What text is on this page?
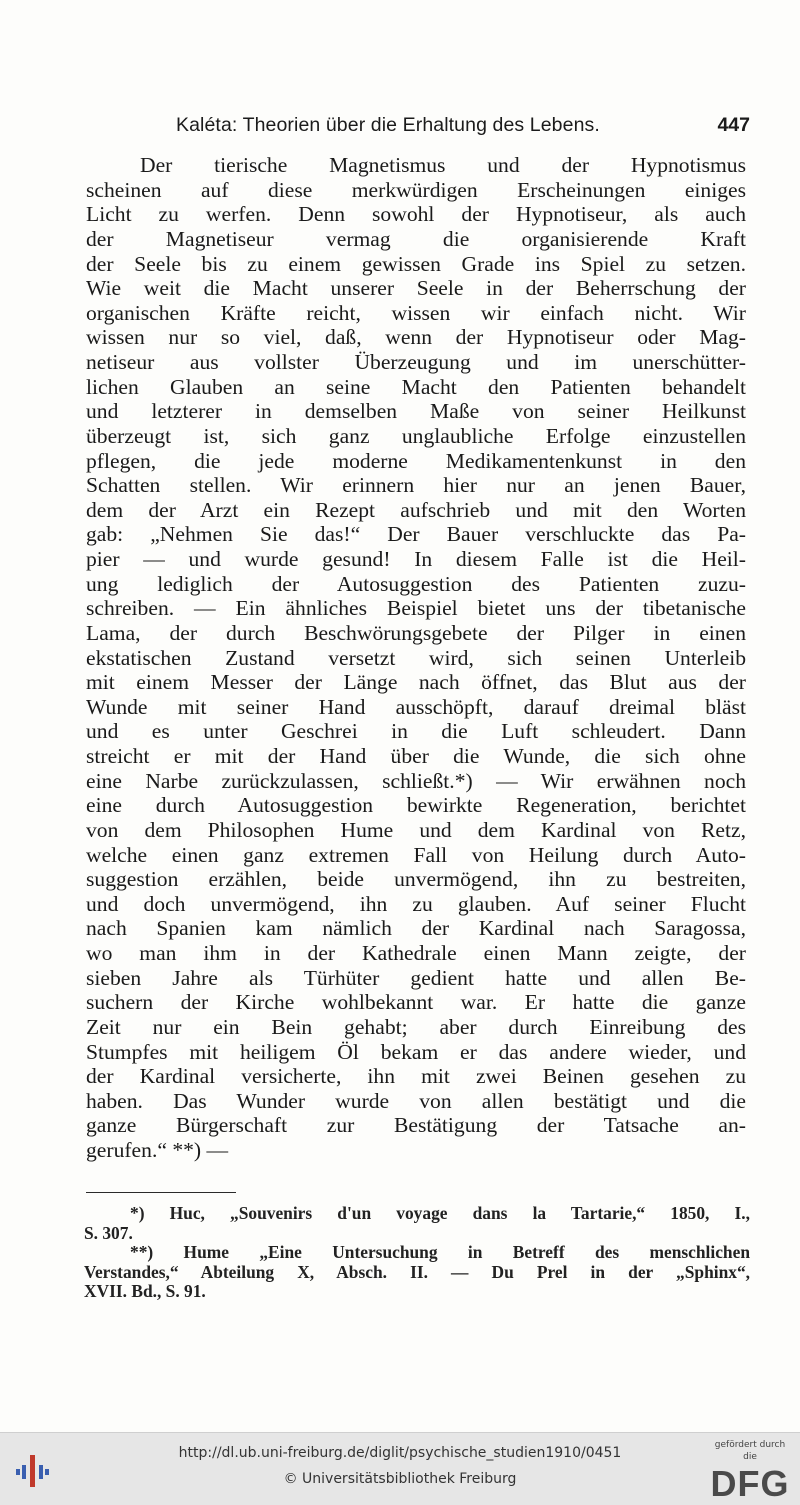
Kaléta: Theorien über die Erhaltung des Lebens.	447
Der tierische Magnetismus und der Hypnotismus
scheinen auf diese merkwürdigen Erscheinungen einiges
Licht zu werfen. Denn sowohl der Hypnotiseur, als auch
der Magnetiseur vermag die organisierende Kraft
der Seele bis zu einem gewissen Grade ins Spiel zu setzen.
Wie weit die Macht unserer Seele in der Beherrschung der
organischen Kräfte reicht, wissen wir einfach nicht. Wir
wissen nur so viel, daß, wenn der Hypnotiseur oder Mag-
netiseur aus vollster Überzeugung und im unerschütter-
lichen Glauben an seine Macht den Patienten behandelt
und letzterer in demselben Maße von seiner Heilkunst
überzeugt ist, sich ganz unglaubliche Erfolge einzustellen
pflegen, die jede moderne Medikamentenkunst in den
Schatten stellen. Wir erinnern hier nur an jenen Bauer,
dem der Arzt ein Rezept aufschrieb und mit den Worten
gab: „Nehmen Sie das!“ Der Bauer verschluckte das Pa-
pier — und wurde gesund! In diesem Falle ist die Heil-
ung lediglich der Autosuggestion des Patienten zuzu-
schreiben. — Ein ähnliches Beispiel bietet uns der tibetanische
Lama, der durch Beschwörungsgebete der Pilger in einen
ekstatischen Zustand versetzt wird, sich seinen Unterleib
mit einem Messer der Länge nach öffnet, das Blut aus der
Wunde mit seiner Hand ausschöpft, darauf dreimal bläst
und es unter Geschrei in die Luft schleudert. Dann
streicht er mit der Hand über die Wunde, die sich ohne
eine Narbe zurückzulassen, schließt.*) — Wir erwähnen noch
eine durch Autosuggestion bewirkte Regeneration, berichtet
von dem Philosophen Hume und dem Kardinal von Retz,
welche einen ganz extremen Fall von Heilung durch Auto-
suggestion erzählen, beide unvermögend, ihn zu bestreiten,
und doch unvermögend, ihn zu glauben. Auf seiner Flucht
nach Spanien kam nämlich der Kardinal nach Saragossa,
wo man ihm in der Kathedrale einen Mann zeigte, der
sieben Jahre als Türhüter gedient hatte und allen Be-
suchern der Kirche wohlbekannt war. Er hatte die ganze
Zeit nur ein Bein gehabt; aber durch Einreibung des
Stumpfes mit heiligem Öl bekam er das andere wieder, und
der Kardinal versicherte, ihn mit zwei Beinen gesehen zu
haben. Das Wunder wurde von allen bestätigt und die
ganze Bürgerschaft zur Bestätigung der Tatsache an-
gerufen.“ **) —
*) Huc, „Souvenirs d'un voyage dans la Tartarie,“ 1850, I.,
S. 307.
**) Hume „Eine Untersuchung in Betreff des menschlichen
Verstandes,“ Abteilung X, Absch. II. — Du Prel in der „Sphinx“,
XVII. Bd., S. 91.
http://dl.ub.uni-freiburg.de/diglit/psychische_studien1910/0451
© Universitätsbibliothek Freiburg
gefördert durch die
DFG
